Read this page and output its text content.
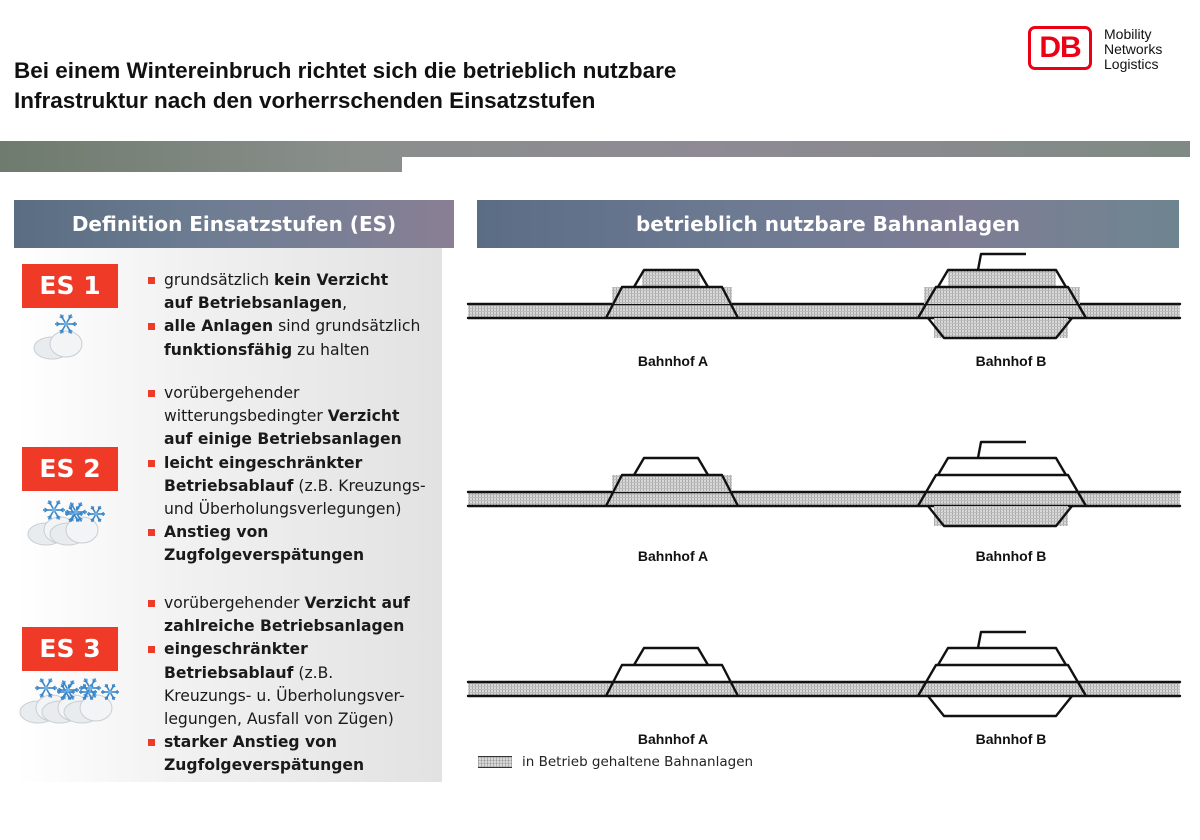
Bei einem Wintereinbruch richtet sich die betrieblich nutzbare
Infrastruktur nach den vorherrschenden Einsatzstufen
DB	Mobility
Networks
Logistics
Definition Einsatzstufen (ES)
ES 1
ES 2
ES 3
grundsätzlich kein Verzicht
auf Betriebsanlagen,
alle Anlagen sind grundsätzlich
funktionsfähig zu halten
vorübergehender
witterungsbedingter Verzicht
auf einige Betriebsanlagen
leicht eingeschränkter
Betriebsablauf (z.B. Kreuzungs-
und Überholungsverlegungen)
Anstieg von
Zugfolgeverspätungen
vorübergehender Verzicht auf
zahlreiche Betriebsanlagen
eingeschränkter
Betriebsablauf (z.B.
Kreuzungs- u. Überholungsver-
legungen, Ausfall von Zügen)
starker Anstieg von
Zugfolgeverspätungen
betrieblich nutzbare Bahnanlagen
Bahnhof A	Bahnhof B
Bahnhof A	Bahnhof B
Bahnhof A	Bahnhof B
in Betrieb gehaltene Bahnanlagen
